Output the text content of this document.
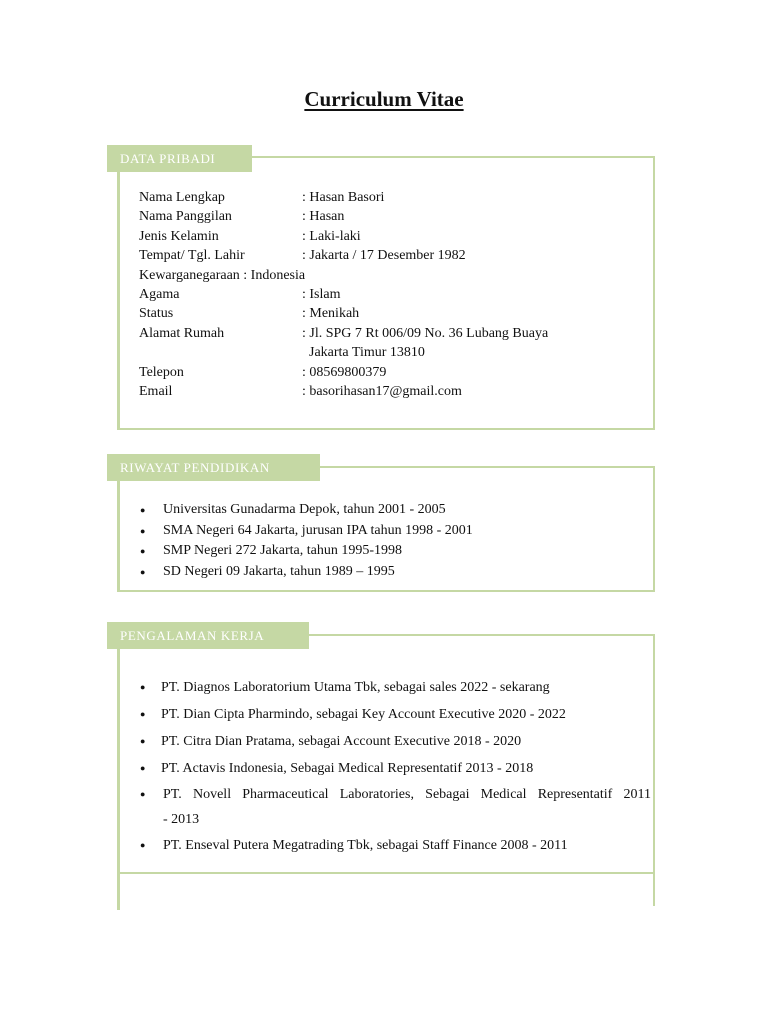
Curriculum Vitae
DATA PRIBADI
Nama Lengkap	: Hasan Basori
Nama Panggilan	: Hasan
Jenis Kelamin	: Laki-laki
Tempat/ Tgl. Lahir	: Jakarta / 17 Desember 1982
Kewarganegaraan : Indonesia
Agama	: Islam
Status	: Menikah
Alamat Rumah	: Jl. SPG 7 Rt 006/09 No. 36 Lubang Buaya
Jakarta Timur 13810
Telepon	: 08569800379
Email	: basorihasan17@gmail.com
RIWAYAT PENDIDIKAN
● Universitas Gunadarma Depok, tahun 2001 - 2005
● SMA Negeri 64 Jakarta, jurusan IPA tahun 1998 - 2001
● SMP Negeri 272 Jakarta, tahun 1995-1998
● SD Negeri 09 Jakarta, tahun 1989 – 1995
PENGALAMAN KERJA
● PT. Diagnos Laboratorium Utama Tbk, sebagai sales 2022 - sekarang
● PT. Dian Cipta Pharmindo, sebagai Key Account Executive 2020 - 2022
● PT. Citra Dian Pratama, sebagai Account Executive 2018 - 2020
● PT. Actavis Indonesia, Sebagai Medical Representatif 2013 - 2018
● PT. Novell Pharmaceutical Laboratories, Sebagai Medical Representatif 2011
- 2013
● PT. Enseval Putera Megatrading Tbk, sebagai Staff Finance 2008 - 2011
